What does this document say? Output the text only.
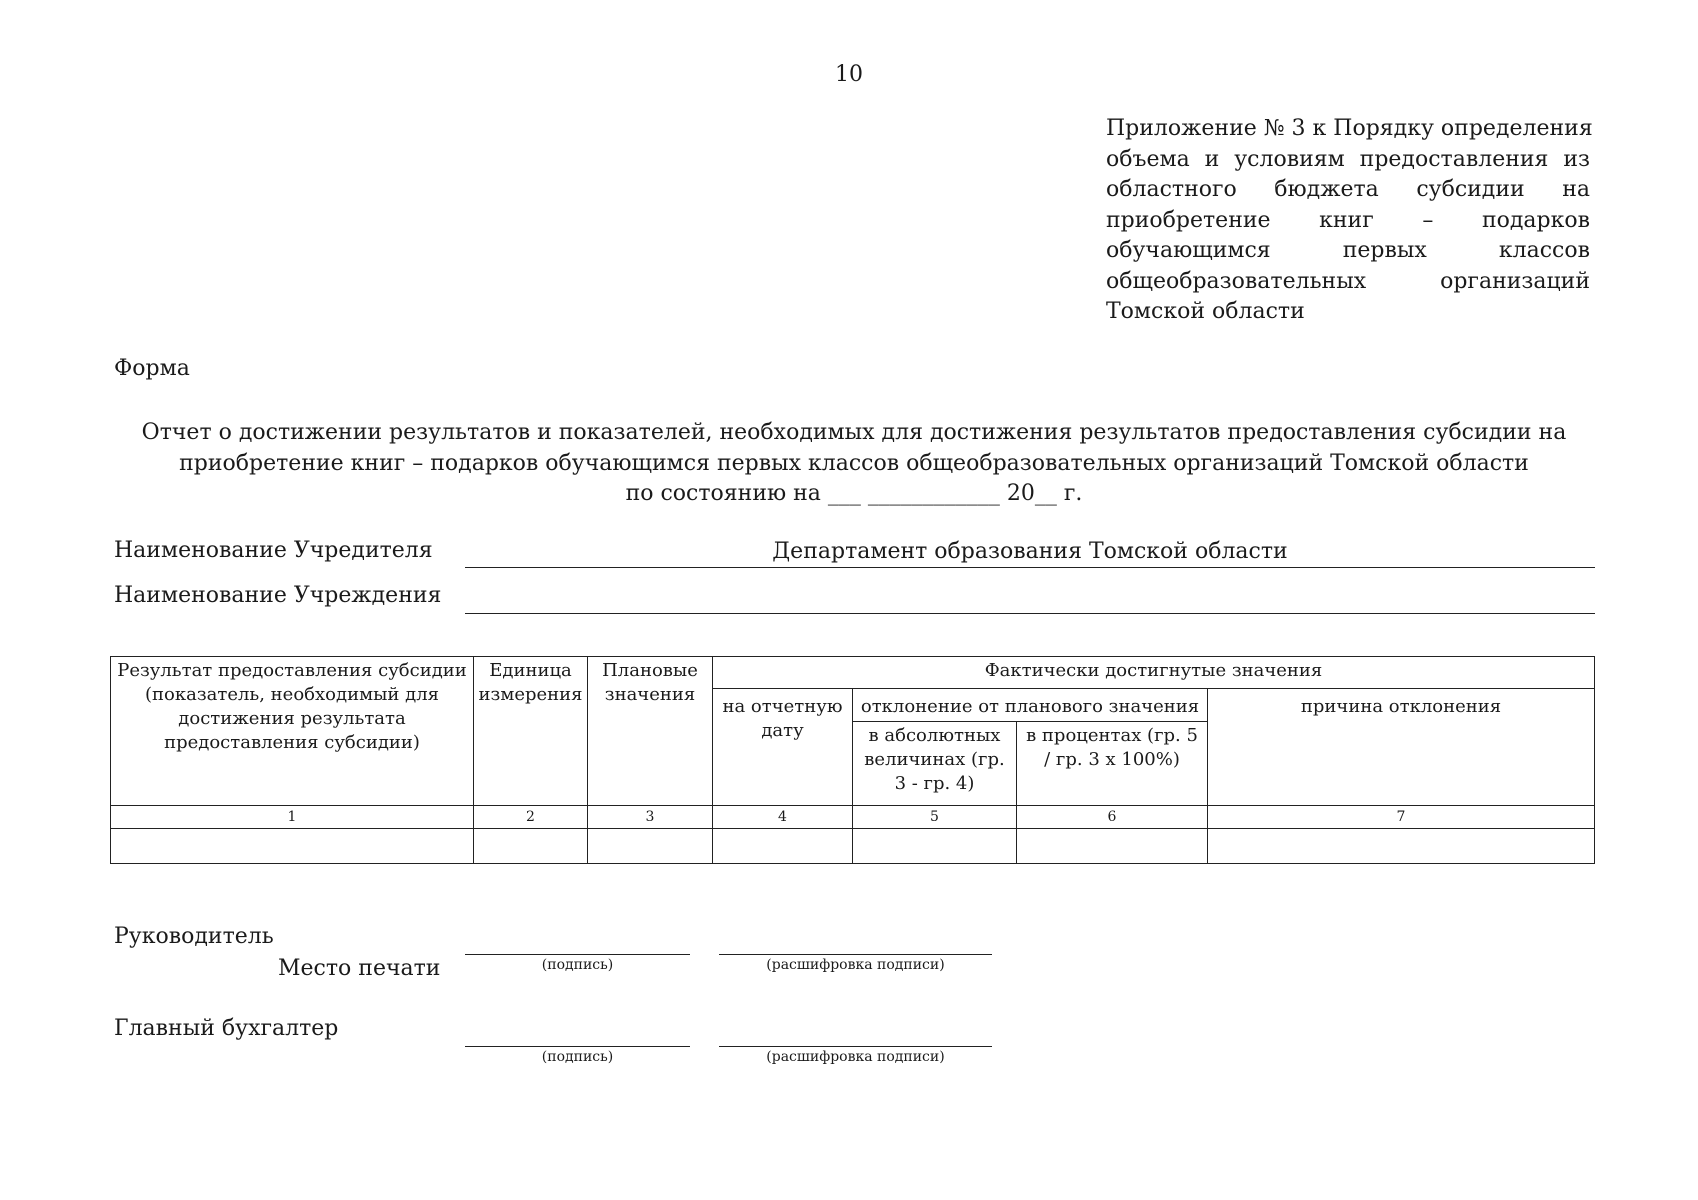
10
Приложение № 3 к Порядку определения
объема и условиям предоставления из
областного бюджета субсидии на
приобретение книг – подарков
обучающимся первых классов
общеобразовательных организаций
Томской области
Форма
Отчет о достижении результатов и показателей, необходимых для достижения результатов предоставления субсидии на
приобретение книг – подарков обучающимся первых классов общеобразовательных организаций Томской области
по состоянию на ___ ____________ 20__ г.
Наименование Учредителя	Департамент образования Томской области
Наименование Учреждения
Результат предоставления субсидии (показатель, необходимый для достижения результата предоставления субсидии)	Единица измерения	Плановые значения	Фактически достигнутые значения			
			на отчетную дату	отклонение от планового значения		причина отклонения
				в абсолютных величинах (гр. 3 - гр. 4)	в процентах (гр. 5 / гр. 3 х 100%)	
1	2	3	4	5	6	7

Руководитель
Место печати	(подпись)	(расшифровка подписи)
Главный бухгалтер
(подпись)	(расшифровка подписи)
